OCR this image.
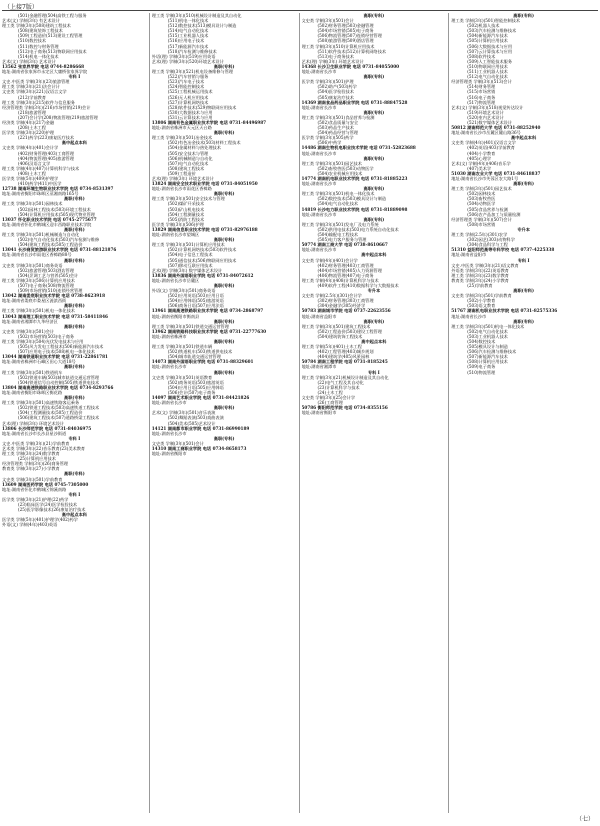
（上接7版）
(501)金融管理(504)高铁工程与服务
艺术(文) 学制(3年) 有艺术设计
理工类 学制(3年)(508)建筑工程技术
(508)建筑装饰工程技术
(509)工程造价(513)建设工程管理
(510)数控技术
(511)数控与财务管理
(512)电子商务(513)物联网应用技术
(514)机电一体化技术
艺术(文) 学制(3年) 艺术设计
13562 张家界学院 电话 0744-8286668
地址:湖南省张家界市永定区大庸桥张家界学院
专科 Ⅰ
文史.中医类 学制(3年)(23)旅游管理
理工类 学制(3年)(21)法会计计
文史类 学制(3年)(221)汉语言文学
(212)学前教育
理工类 学制(3年)(215)软件与信息服务
经济管理类 学制(3年)(216)市场营销(219)会计
(218)旅游管理
(207)会计学(208)物流管理(219)旅游管理
经济类 学制(4年)(217)金融
(208)土木工程
医学类 学制(3年)(220)护理
(221)药学(223)康复医疗技术
高中起点本科
文史类 学制(4年)(401)会计学
(402)财务管理(403)工商管理
(404)物流管理(405)旅游管理
(406)汉语言文学
理工类 学制(4年)(407)计算机科学与技术
(408)土木工程
医学类 学制(5年)(409)护理学
(410)药学(411)中医学
12738 湖南环境生物职业技术学院 电话 0734-8531397
地址:湖南省衡阳市珠晖区蒸湘南路165号
高职(专科)
理工类 学制(3年)(501)园林技术
(502)园林工程技术(503)环境工程技术
(504)计算机应用技术(505)现代物业管理
13037 怀化职业技术学院 电话 0745-2775677
地址:湖南省怀化市鹤城区迎丰西路职业技术学院
高职(专科)
理工类 学制(3年)(501)机械制造与自动化
(502)电气自动化技术(503)汽车检测与维修
(504)建筑工程技术(505)工程造价
13041 长沙商贸旅游职业技术学院 电话 0731-88121876
地址:湖南省长沙市雨花区香樟路88号
高职(专科)
文史类 学制(3年)(501)商务英语
(502)旅游管理(503)酒店管理
(504)烹调工艺与营养(505)会计
理工类 学制(3年)(506)计算机应用技术
(507)电子商务(508)物流管理
(509)市场营销(510)连锁经营管理
13042 湖南娄底职业技术学院 电话 0738-8623918
地址:湖南省娄底市娄星区涟滨西街
高职(专科)
理工类 学制(3年)(501)机电一体化技术
13043 湖南理工职业技术学院 电话 0731-58411846
地址:湖南省湘潭市九华经济区
高职(专科)
文史类 学制(3年)(501)会计
(502)市场营销(503)电子商务
理工类 学制(3年)(504)光伏发电技术与应用
(505)风力发电工程技术(506)新能源汽车技术
(507)应用电子技术(508)机电一体化技术
13044 湖南铁道职业技术学院 电话 0731-22861781
地址:湖南省株洲市石峰区田心大道18号
高职(专科)
理工类 学制(3年)(501)铁道机车
(502)铁道车辆(503)城市轨道交通运营管理
(504)铁道信号自动控制(505)铁道供电技术
13804 湖南高速铁路职业技术学院 电话 0734-8293766
地址:湖南省衡阳市珠晖区衡花路
高职(专科)
理工类 学制(3年)(501)高速铁路客运乘务
(502)铁道工程技术(503)高速铁道工程技术
(504)工程测量技术(505)工程造价
(506)建筑工程技术(507)道路桥梁工程技术
艺术(理) 学制(3年) 环境艺术设计
13806 长沙师范学院 电话 0731-84036975
地址:湖南省长沙市长沙县星沙街道
专科 Ⅰ
文史.中医类 学制(3年)(21)学前教育
艺术类 学制(3年)(22)音乐教育(23)美术教育
理工类 学制(3年)(24)数学教育
(25)计算机应用技术
经济管理类 学制(3年)(26)商务管理
教育类 学制(3年)(27)小学教育
高职(专科)
文史类 学制(3年)(501)学前教育
13609 湖南医药学院 电话 0745-7305000
地址:湖南省怀化市鹤城区锦溪南路
专科 Ⅰ
医学类 学制(3年)(21)护理(22)药学
(23)临床医学(24)医学检验技术
(25)医学影像技术(26)康复治疗技术
高中起点本科
医学类 学制(5年)(401)护理学(402)药学
外语(文) 学制(4年)(403)英语
理工类 学制(3年)(510)机械设计制造及其自动化
(511)机电一体化技术
(512)数控技术(513)模具设计与制造
(514)电气自动化技术
(515)工业机器人技术
(516)应用电子技术
(517)新能源汽车技术
(518)汽车检测与维修技术
外语(理) 学制(3年)(519)应用英语
艺术(理) 学制(3年)(520)环境艺术设计
高职(专科)
理工类 学制(3年)(521)机电设备维修与管理
(522)汽车营销与服务
(523)汽车电子技术
(524)智能控制技术
(525)工程机械运用技术
(526)无人机应用技术
(527)计算机网络技术
(528)软件技术(529)物联网应用技术
(530)大数据技术与应用
(531)云计算技术与应用
13806 湖南有色金属职业技术学院 电话 0731-84496987
地址:湖南省株洲市天元区天台路
高职(专科)
理工类 学制(3年)(501)冶金技术
(502)有色冶金技术(503)材料工程技术
(504)金属材料与热处理技术
(505)安全技术与管理
(506)机械制造与自动化
(507)电气自动化技术
(508)建筑工程技术
(509)工程造价
艺术(理) 学制(3年) 环境艺术设计
13824 湖南安全技术职业学院 电话 0731-84051950
地址:湖南省长沙市雨花区香樟路
高职(专科)
理工类 学制(3年)(501)安全技术与管理
(502)煤矿开采技术
(503)矿山机电技术
(504)工程测量技术
(505)消防工程技术
医学类 学制(3年)(506)护理
13829 湖南信息职业技术学院 电话 0731-82976188
地址:湖南省长沙市望城区
高职(专科)
理工类 学制(3年)(501)计算机应用技术
(502)计算机网络技术(503)软件技术
(504)电子信息工程技术
(505)通信技术(506)物联网应用技术
(507)移动互联应用技术
艺术(理) 学制(3年) 数字媒体艺术设计
13836 湖南外国语职业学院 电话 0731-84072612
地址:湖南省长沙市岳麓区
高职(专科)
外语(文) 学制(3年)(501)商务英语
(502)应用英语(503)应用日语
(504)应用韩语(505)旅游英语
(506)商务日语(507)应用法语
13961 湖南高速铁路职业技术学院 电话 0734-2868797
地址:湖南省衡阳市衡南县
高职(专科)
理工类 学制(3年)(501)铁道交通运营管理
13962 湖南铁路科技职业技术学院 电话 0731-22777630
地址:湖南省株洲市
高职(专科)
理工类 学制(3年)(501)铁道车辆
(502)铁道机车(503)铁道供电技术
(504)城市轨道交通运营管理
14073 湖南外国语职业学院 电话 0731-88329601
地址:湖南省长沙市
高职(专科)
文史类 学制(3年)(501)英语教育
(502)商务英语(503)旅游英语
(504)应用日语(505)应用韩语
(506)会计(507)电子商务
14097 湖南艺术职业学院 电话 0731-84421826
地址:湖南省长沙市
高职(专科)
艺术(文) 学制(3年)(501)音乐表演
(502)舞蹈表演(503)戏曲表演
(504)美术(505)艺术设计
14121 湖南都市职业学院 电话 0731-86990189
地址:湖南省长沙市
高职(专科)
文史类 学制(3年)(501)会计
14310 湖南工商职业学院 电话 0734-8658173
地址:湖南省衡阳市
高职(专科)
文史类 学制(3年)(501)会计
(502)财务管理(503)金融管理
(504)市场营销(505)电子商务
(506)物流管理(507)连锁经营管理
(508)旅游管理(509)酒店管理
理工类 学制(3年)(510)计算机应用技术
(511)软件技术(512)计算机网络技术
(513)电子商务技术
艺术(理) 学制(3年) 环境艺术设计
14368 长沙卫生职业学院 电话 0731-84055000
地址:湖南省长沙市
高职(专科)
医学类 学制(3年)(501)护理
(502)助产(503)药学
(504)医学检验技术
(505)康复治疗技术
14369 湖南食品药品职业学院 电话 0731-88847528
地址:湖南省长沙市
高职(专科)
理工类 学制(3年)(501)食品营养与检测
(502)食品质量与安全
(503)药品生产技术
(504)药品经营与管理
医学类 学制(3年)(505)药学
(506)中药学
14486 湖南生物机电职业技术学院 电话 0731-52823688
地址:湖南省长沙市
高职(专科)
理工类 学制(3年)(501)园艺技术
(502)畜牧兽医(503)动物医学
(504)农业机械应用技术
14774 湖南机电职业技术学院 电话 0731-81885223
地址:湖南省长沙市
高职(专科)
理工类 学制(3年)(501)机电一体化技术
(502)数控技术(503)模具设计与制造
(504)电气自动化技术
14819 长沙电力职业技术学院 电话 0731-81889098
地址:湖南省长沙市
高职(专科)
理工类 学制(3年)(501)发电厂及电力系统
(502)供用电技术(503)电力系统自动化技术
(504)输配电工程技术
(505)电力客户服务与管理
50774 湖南工商大学 电话 0738-8610667
地址:湖南省长沙市
高中起点本科
文史类 学制(4年)(401)会计学
(402)财务管理(403)工商管理
(404)市场营销(405)人力资源管理
(406)物流管理(407)电子商务
理工类 学制(4年)(408)计算机科学与技术
(409)软件工程(410)数据科学与大数据技术
专升本
文史类 学制(2.5年)(301)会计学
(302)财务管理(303)工商管理
(304)金融学(305)经济学
50783 湖南城市学院 电话 0737-22623556
地址:湖南省益阳市
高职(专科)
理工类 学制(3年)(501)建筑工程技术
(502)工程造价(503)建设工程管理
(504)建筑装饰工程技术
高中起点本科
理工类 学制(5年)(401)土木工程
(402)工程管理(403)城乡规划
(404)建筑学(405)风景园林
50784 湖南工程学院 电话 0731-8185245
地址:湖南省湘潭市
专科 Ⅰ
理工类 学制(3年)(21)机械设计制造及其自动化
(22)电气工程及其自动化
(23)计算机科学与技术
(24)土木工程
文史类 学制(3年)(25)会计学
(26)工商管理
50786 衡阳师范学院 电话 0734-8355156
地址:湖南省衡阳市
高职(专科)
理工类 学制(3年)(501)智能控制技术
(502)机器人技术
(503)汽车检测与维修技术
(504)新能源汽车技术
(505)计算机应用技术
(506)大数据技术与应用
(507)云计算技术与应用
(508)软件技术
(509)人工智能技术服务
(510)物联网应用技术
(511)工业机器人技术
(512)电气自动化技术
经济管理类 学制(3年)(513)会计
(514)财务管理
(515)市场营销
(516)电子商务
(517)物流管理
艺术(文) 学制(3年)(518)视觉传达设计
(519)环境艺术设计
(520)室内艺术设计
(521)数字媒体艺术设计
50812 湖南师范大学 电话 0731-88252940
地址:湖南省长沙市岳麓区麓山路36号
高中起点本科
文史类 学制(4年)(401)汉语言文学
(402)英语(403)学前教育
(404)小学教育
(405)心理学
艺术(文) 学制(4年)(406)音乐学
(407)美术学
51030 湖南农业大学 电话 0731-84618837
地址:湖南省长沙市芙蓉区农大路1号
高职(专科)
理工类 学制(3年)(501)园艺技术
(502)园林技术
(503)畜牧兽医
(504)动物医学
(505)食品营养与检测
(506)农产品加工与质量检测
经济管理类 学制(3年)(507)会计
(508)市场营销
专升本
理工类 学制(2.5年)(301)农学
(302)园艺(303)动物科学
(304)食品科学与工程
51310 益阳师范高等专科学校 电话 0737-4225338
地址:湖南省益阳市
专科 Ⅰ
文史.中医类 学制(3年)(21)语文教育
外语类 学制(3年)(22)英语教育
理工类 学制(3年)(23)数学教育
教育类 学制(3年)(24)小学教育
(25)学前教育
高职(专科)
文史类 学制(3年)(501)学前教育
(502)小学教育
(503)语文教育
51767 湖南机电职业技术学院 电话 0731-82575336
地址:湖南省长沙市
高职(专科)
理工类 学制(3年)(501)机电一体化技术
(502)电气自动化技术
(503)工业机器人技术
(504)数控技术
(505)模具设计与制造
(506)汽车检测与维修技术
(507)新能源汽车技术
(508)计算机应用技术
(509)电子商务
(510)物流管理
（七）
